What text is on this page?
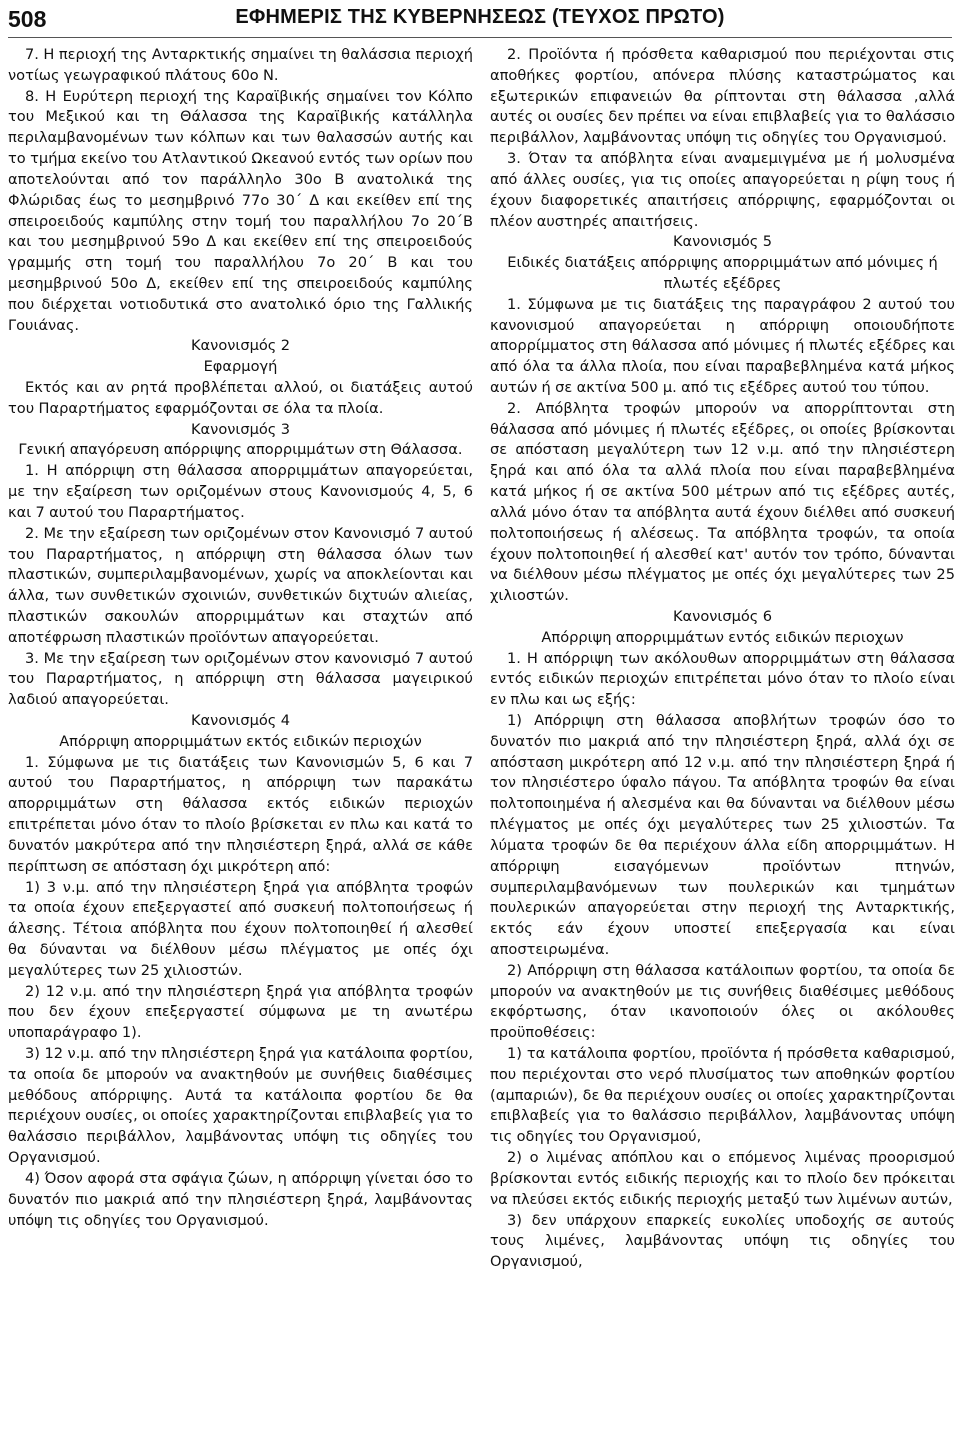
508	ΕΦΗΜΕΡΙΣ ΤΗΣ ΚΥΒΕΡΝΗΣΕΩΣ (ΤΕΥΧΟΣ ΠΡΩΤΟ)

7. Η περιοχή της Ανταρκτικής σημαίνει τη θαλάσσια περιοχή νοτίως γεωγραφικού πλάτους 60ο Ν.

8. Η Ευρύτερη περιοχή της Καραϊβικής σημαίνει τον Κόλπο του Μεξικού και τη Θάλασσα της Καραϊβικής κατάλληλα περιλαμβανομένων των κόλπων και των θαλασσών αυτής και το τμήμα εκείνο του Ατλαντικού Ωκεανού εντός των ορίων που αποτελούνται από τον παράλληλο 30ο Β ανατολικά της Φλώριδας έως το μεσημβρινό 77ο 30΄ Δ και εκείθεν επί της σπειροειδούς καμπύλης στην τομή του παραλλήλου 7ο 20΄Β και του μεσημβρινού 59ο Δ και εκείθεν επί της σπειροειδούς γραμμής στη τομή του παραλλήλου 7ο 20΄ Β και του μεσημβρινού 50ο Δ, εκείθεν επί της σπειροειδούς καμπύλης που διέρχεται νοτιοδυτικά στο ανατολικό όριο της Γαλλικής Γουιάνας.

Κανονισμός 2

Εφαρμογή

Εκτός και αν ρητά προβλέπεται αλλού, οι διατάξεις αυτού του Παραρτήματος εφαρμόζονται σε όλα τα πλοία.

Κανονισμός 3

Γενική απαγόρευση απόρριψης απορριμμάτων στη Θάλασσα.

1. Η απόρριψη στη θάλασσα απορριμμάτων απαγορεύεται, με την εξαίρεση των οριζομένων στους Κανονισμούς 4, 5, 6 και 7 αυτού του Παραρτήματος.

2. Με την εξαίρεση των οριζομένων στον Κανονισμό 7 αυτού του Παραρτήματος, η απόρριψη στη θάλασσα όλων των πλαστικών, συμπεριλαμβανομένων, χωρίς να αποκλείονται και άλλα, των συνθετικών σχοινιών, συνθετικών διχτυών αλιείας, πλαστικών σακουλών απορριμμάτων και σταχτών από αποτέφρωση πλαστικών προϊόντων απαγορεύεται.

3. Με την εξαίρεση των οριζομένων στον κανονισμό 7 αυτού του Παραρτήματος, η απόρριψη στη θάλασσα μαγειρικού λαδιού απαγορεύεται.

Κανονισμός 4

Απόρριψη απορριμμάτων εκτός ειδικών περιοχών

1. Σύμφωνα με τις διατάξεις των Κανονισμών 5, 6 και 7 αυτού του Παραρτήματος, η απόρριψη των παρακάτω απορριμμάτων στη θάλασσα εκτός ειδικών περιοχών επιτρέπεται μόνο όταν το πλοίο βρίσκεται εν πλω και κατά το δυνατόν μακρύτερα από την πλησιέστερη ξηρά, αλλά σε κάθε περίπτωση σε απόσταση όχι μικρότερη από:

1) 3 ν.μ. από την πλησιέστερη ξηρά για απόβλητα τροφών τα οποία έχουν επεξεργαστεί από συσκευή πολτοποιήσεως ή άλεσης. Τέτοια απόβλητα που έχουν πολτοποιηθεί ή αλεσθεί θα δύνανται να διέλθουν μέσω πλέγματος με οπές όχι μεγαλύτερες των 25 χιλιοστών.

2) 12 ν.μ. από την πλησιέστερη ξηρά για απόβλητα τροφών που δεν έχουν επεξεργαστεί σύμφωνα με τη ανωτέρω υποπαράγραφο 1).

3) 12 ν.μ. από την πλησιέστερη ξηρά για κατάλοιπα φορτίου, τα οποία δε μπορούν να ανακτηθούν με συνήθεις διαθέσιμες μεθόδους απόρριψης. Αυτά τα κατάλοιπα φορτίου δε θα περιέχουν ουσίες, οι οποίες χαρακτηρίζονται επιβλαβείς για το θαλάσσιο περιβάλλον, λαμβάνοντας υπόψη τις οδηγίες του Οργανισμού.

4) Όσον αφορά στα σφάγια ζώων, η απόρριψη γίνεται όσο το δυνατόν πιο μακριά από την πλησιέστερη ξηρά, λαμβάνοντας υπόψη τις οδηγίες του Οργανισμού.

2. Προϊόντα ή πρόσθετα καθαρισμού που περιέχονται στις αποθήκες φορτίου, απόνερα πλύσης καταστρώματος και εξωτερικών επιφανειών θα ρίπτονται στη θάλασσα ,αλλά αυτές οι ουσίες δεν πρέπει να είναι επιβλαβείς για το θαλάσσιο περιβάλλον, λαμβάνοντας υπόψη τις οδηγίες του Οργανισμού.

3. Όταν τα απόβλητα είναι αναμεμιγμένα με ή μολυσμένα από άλλες ουσίες, για τις οποίες απαγορεύεται η ρίψη τους ή έχουν διαφορετικές απαιτήσεις απόρριψης, εφαρμόζονται οι πλέον αυστηρές απαιτήσεις.

Κανονισμός 5

Ειδικές διατάξεις απόρριψης απορριμμάτων από μόνιμες ή πλωτές εξέδρες

1. Σύμφωνα με τις διατάξεις της παραγράφου 2 αυτού του κανονισμού απαγορεύεται η απόρριψη οποιουδήποτε απορρίμματος στη θάλασσα από μόνιμες ή πλωτές εξέδρες και από όλα τα άλλα πλοία, που είναι παραβεβλημένα κατά μήκος αυτών ή σε ακτίνα 500 μ. από τις εξέδρες αυτού του τύπου.

2. Απόβλητα τροφών μπορούν να απορρίπτονται στη θάλασσα από μόνιμες ή πλωτές εξέδρες, οι οποίες βρίσκονται σε απόσταση μεγαλύτερη των 12 ν.μ. από την πλησιέστερη ξηρά και από όλα τα αλλά πλοία που είναι παραβεβλημένα κατά μήκος ή σε ακτίνα 500 μέτρων από τις εξέδρες αυτές, αλλά μόνο όταν τα απόβλητα αυτά έχουν διέλθει από συσκευή πολτοποιήσεως ή αλέσεως. Τα απόβλητα τροφών, τα οποία έχουν πολτοποιηθεί ή αλεσθεί κατ' αυτόν τον τρόπο, δύνανται να διέλθουν μέσω πλέγματος με οπές όχι μεγαλύτερες των 25 χιλιοστών.

Κανονισμός 6

Απόρριψη απορριμμάτων εντός ειδικών περιοχων

1. Η απόρριψη των ακόλουθων απορριμμάτων στη θάλασσα εντός ειδικών περιοχών επιτρέπεται μόνο όταν το πλοίο είναι εν πλω και ως εξής:

1) Απόρριψη στη θάλασσα αποβλήτων τροφών όσο το δυνατόν πιο μακριά από την πλησιέστερη ξηρά, αλλά όχι σε απόσταση μικρότερη από 12 ν.μ. από την πλησιέστερη ξηρά ή τον πλησιέστερο ύφαλο πάγου. Τα απόβλητα τροφών θα είναι πολτοποιημένα ή αλεσμένα και θα δύνανται να διέλθουν μέσω πλέγματος με οπές όχι μεγαλύτερες των 25 χιλιοστών. Τα λύματα τροφών δε θα περιέχουν άλλα είδη απορριμμάτων. Η απόρριψη εισαγόμενων προϊόντων πτηνών, συμπεριλαμβανόμενων των πουλερικών και τμημάτων πουλερικών απαγορεύεται στην περιοχή της Ανταρκτικής, εκτός εάν έχουν υποστεί επεξεργασία και είναι αποστειρωμένα.

2) Απόρριψη στη θάλασσα κατάλοιπων φορτίου, τα οποία δε μπορούν να ανακτηθούν με τις συνήθεις διαθέσιμες μεθόδους εκφόρτωσης, όταν ικανοποιούν όλες οι ακόλουθες προϋποθέσεις:

1) τα κατάλοιπα φορτίου, προϊόντα ή πρόσθετα καθαρισμού, που περιέχονται στο νερό πλυσίματος των αποθηκών φορτίου (αμπαριών), δε θα περιέχουν ουσίες οι οποίες χαρακτηρίζονται επιβλαβείς για το θαλάσσιο περιβάλλον, λαμβάνοντας υπόψη τις οδηγίες του Οργανισμού,

2) ο λιμένας απόπλου και ο επόμενος λιμένας προορισμού βρίσκονται εντός ειδικής περιοχής και το πλοίο δεν πρόκειται να πλεύσει εκτός ειδικής περιοχής μεταξύ των λιμένων αυτών,

3) δεν υπάρχουν επαρκείς ευκολίες υποδοχής σε αυτούς τους λιμένες, λαμβάνοντας υπόψη τις οδηγίες του Οργανισμού,
